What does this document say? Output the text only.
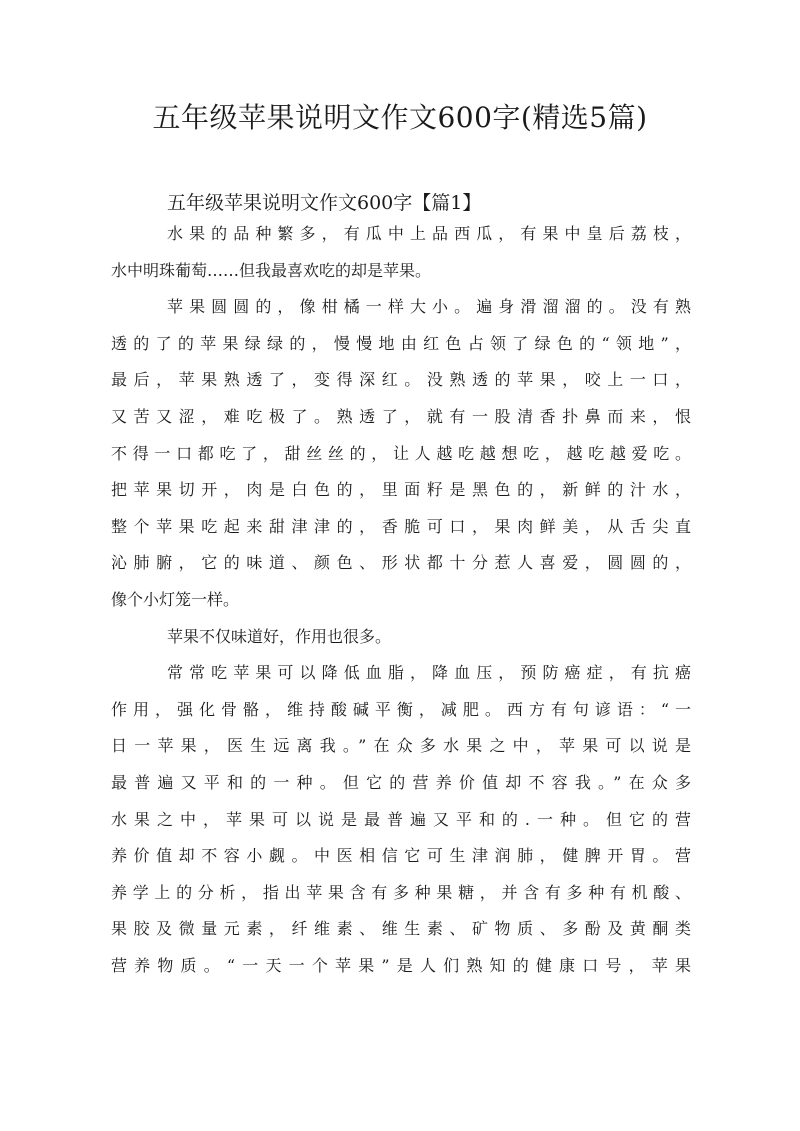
五年级苹果说明文作文600字(精选5篇)
五年级苹果说明文作文600字【篇1】
水果的品种繁多，有瓜中上品西瓜，有果中皇后荔枝，
水中明珠葡萄……但我最喜欢吃的却是苹果。
苹果圆圆的，像柑橘一样大小。遍身滑溜溜的。没有熟
透的了的苹果绿绿的，慢慢地由红色占领了绿色的“领地”，
最后，苹果熟透了，变得深红。没熟透的苹果，咬上一口，
又苦又涩，难吃极了。熟透了，就有一股清香扑鼻而来，恨
不得一口都吃了，甜丝丝的，让人越吃越想吃，越吃越爱吃。
把苹果切开，肉是白色的，里面籽是黑色的，新鲜的汁水，
整个苹果吃起来甜津津的，香脆可口，果肉鲜美，从舌尖直
沁肺腑，它的味道、颜色、形状都十分惹人喜爱，圆圆的，
像个小灯笼一样。
苹果不仅味道好，作用也很多。
常常吃苹果可以降低血脂，降血压，预防癌症，有抗癌
作用，强化骨骼，维持酸碱平衡，减肥。西方有句谚语：“一
日一苹果，医生远离我。”在众多水果之中，苹果可以说是
最普遍又平和的一种。但它的营养价值却不容我。”在众多
水果之中，苹果可以说是最普遍又平和的.一种。但它的营
养价值却不容小觑。中医相信它可生津润肺，健脾开胃。营
养学上的分析，指出苹果含有多种果糖，并含有多种有机酸、
果胶及微量元素，纤维素、维生素、矿物质、多酚及黄酮类
营养物质。“一天一个苹果”是人们熟知的健康口号，苹果
